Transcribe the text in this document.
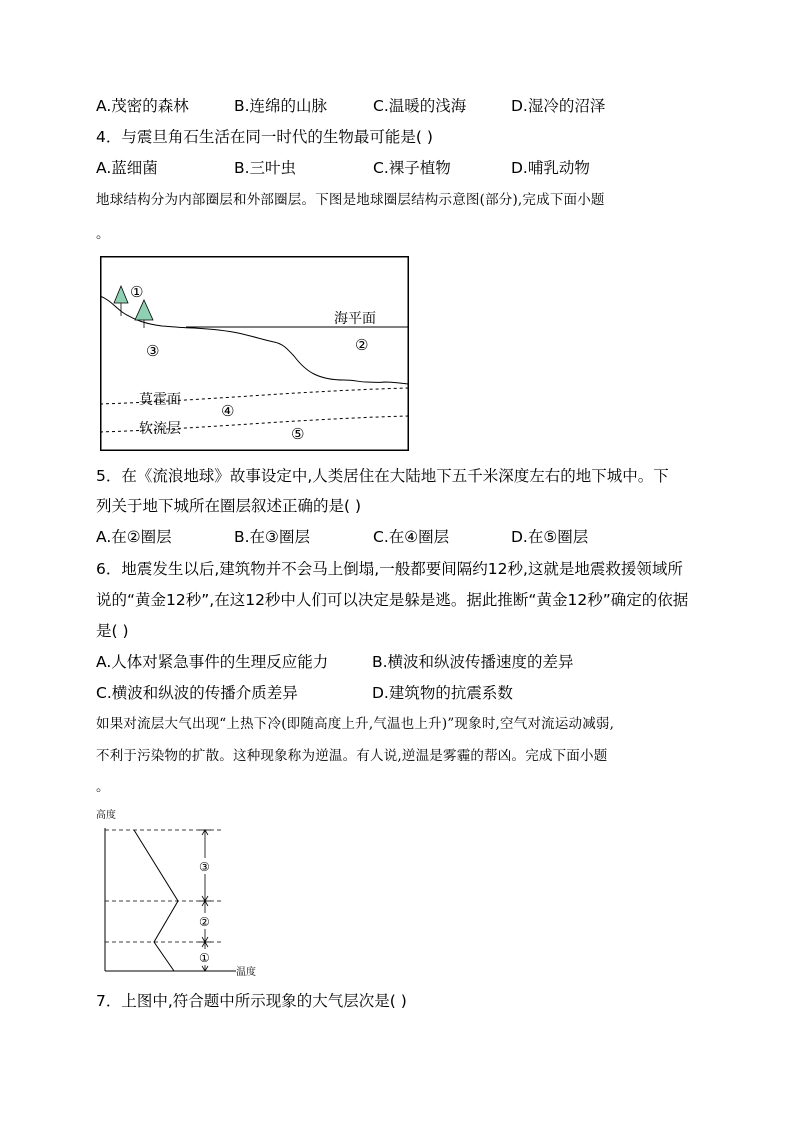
A.茂密的森林	B.连绵的山脉	C.温暖的浅海	D.湿冷的沼泽
4．与震旦角石生活在同一时代的生物最可能是( )
A.蓝细菌	B.三叶虫	C.裸子植物	D.哺乳动物
地球结构分为内部圈层和外部圈层。下图是地球圈层结构示意图(部分),完成下面小题
。
海平面
莫霍面
软流层
①
②
③
④
⑤
5．在《流浪地球》故事设定中,人类居住在大陆地下五千米深度左右的地下城中。下
列关于地下城所在圈层叙述正确的是( )
A.在②圈层	B.在③圈层	C.在④圈层	D.在⑤圈层
6．地震发生以后,建筑物并不会马上倒塌,一般都要间隔约12秒,这就是地震救援领域所
说的“黄金12秒”,在这12秒中人们可以决定是躲是逃。据此推断“黄金12秒”确定的依据
是( )
A.人体对紧急事件的生理反应能力	B.横波和纵波传播速度的差异
C.横波和纵波的传播介质差异	D.建筑物的抗震系数
如果对流层大气出现“上热下冷(即随高度上升,气温也上升)”现象时,空气对流运动减弱,
不利于污染物的扩散。这种现象称为逆温。有人说,逆温是雾霾的帮凶。完成下面小题
。
高度
温度
①
②
③
7．上图中,符合题中所示现象的大气层次是( )
